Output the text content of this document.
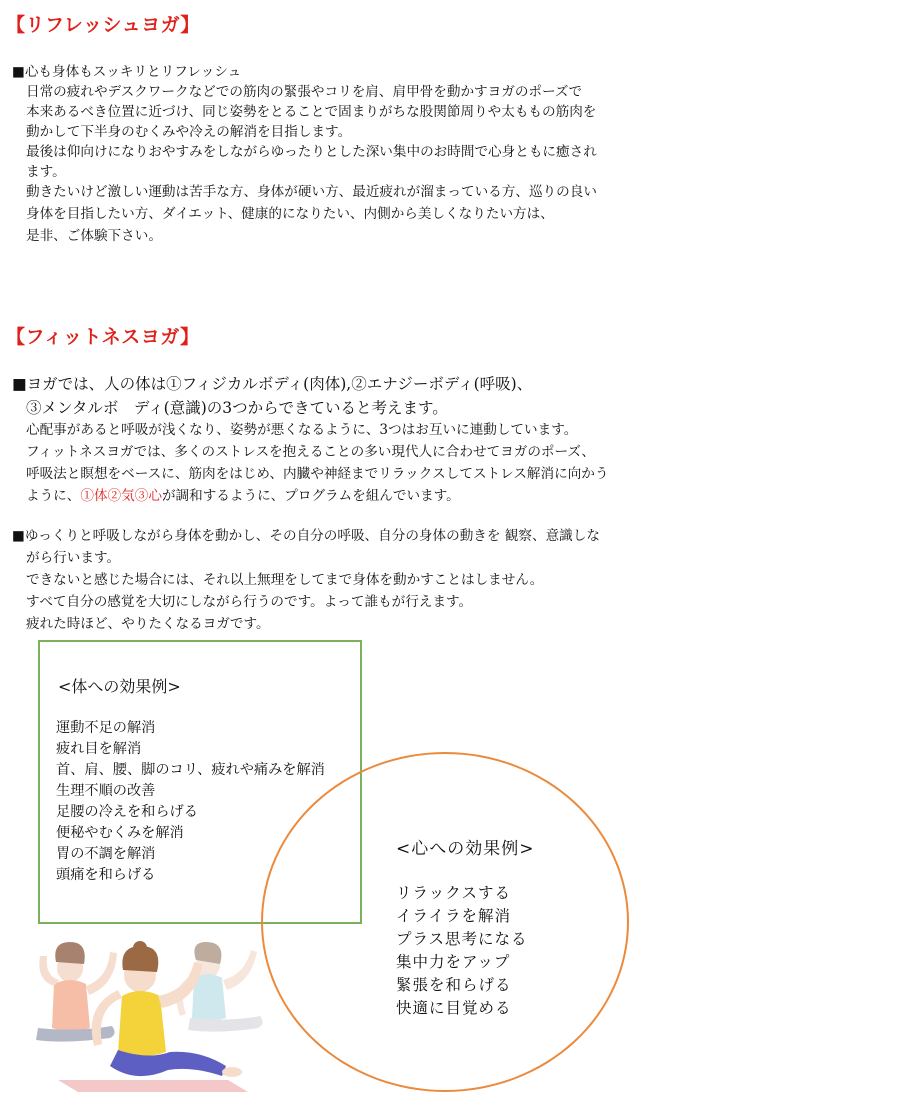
【リフレッシュヨガ】
■心も身体もスッキリとリフレッシュ
日常の疲れやデスクワークなどでの筋肉の緊張やコリを肩、肩甲骨を動かすヨガのポーズで
本来あるべき位置に近づけ、同じ姿勢をとることで固まりがちな股関節周りや太ももの筋肉を
動かして下半身のむくみや冷えの解消を目指します。
最後は仰向けになりおやすみをしながらゆったりとした深い集中のお時間で心身ともに癒され
ます。
動きたいけど激しい運動は苦手な方、身体が硬い方、最近疲れが溜まっている方、巡りの良い
身体を目指したい方、ダイエット、健康的になりたい、内側から美しくなりたい方は、
是非、ご体験下さい。
【フィットネスヨガ】
■ヨガでは、人の体は①フィジカルボディ(肉体),②エナジーボディ(呼吸)、
③メンタルボ　ディ(意識)の3つからできていると考えます。
心配事があると呼吸が浅くなり、姿勢が悪くなるように、3つはお互いに連動しています。
フィットネスヨガでは、多くのストレスを抱えることの多い現代人に合わせてヨガのポーズ、
呼吸法と瞑想をベースに、筋肉をはじめ、内臓や神経までリラックスしてストレス解消に向かう
ように、①体②気③心が調和するように、プログラムを組んでいます。
■ゆっくりと呼吸しながら身体を動かし、その自分の呼吸、自分の身体の動きを 観察、意識しな
がら行います。
できないと感じた場合には、それ以上無理をしてまで身体を動かすことはしません。
すべて自分の感覚を大切にしながら行うのです。よって誰もが行えます。
疲れた時ほど、やりたくなるヨガです。
<体への効果例>
運動不足の解消
疲れ目を解消
首、肩、腰、脚のコリ、疲れや痛みを解消
生理不順の改善
足腰の冷えを和らげる
便秘やむくみを解消
胃の不調を解消
頭痛を和らげる
<心への効果例>
リラックスする
イライラを解消
プラス思考になる
集中力をアップ
緊張を和らげる
快適に目覚める
